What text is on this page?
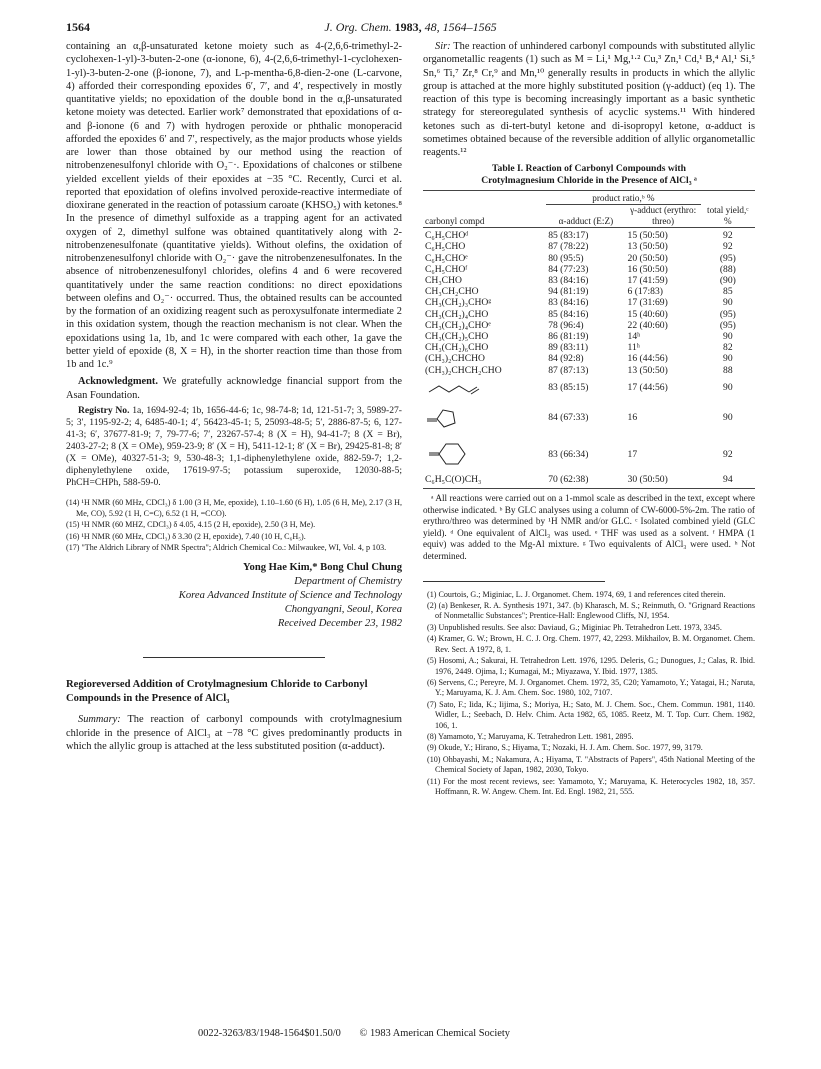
1564	J. Org. Chem. 1983, 48, 1564–1565

containing an α,β-unsaturated ketone moiety such as 4-(2,6,6-trimethyl-2-cyclohexen-1-yl)-3-buten-2-one (α-ionone, 6), 4-(2,6,6-trimethyl-1-cyclohexen-1-yl)-3-buten-2-one (β-ionone, 7), and L-p-mentha-6,8-dien-2-one (L-carvone, 4) afforded their corresponding epoxides 6′, 7′, and 4′, respectively in mostly quantitative yields; no epoxidation of the double bond in the α,β-unsaturated ketone moiety was detected. Earlier work⁷ demonstrated that epoxidations of α- and β-ionone (6 and 7) with hydrogen peroxide or phthalic monoperacid afforded the epoxides 6′ and 7′, respectively, as the major products whose yields are lower than those obtained by our method using the reaction of nitrobenzenesulfonyl chloride with O₂⁻·. Epoxidations of chalcones or stilbene yielded excellent yields of their epoxides at −35 °C. Recently, Curci et al. reported that epoxidation of olefins involved peroxide-reactive intermediate of dioxirane generated in the reaction of potassium caroate (KHSO₅) with ketones.⁸ In the presence of dimethyl sulfoxide as a trapping agent for an activated oxygen of 2, dimethyl sulfone was obtained quantitatively along with 2-nitrobenzenesulfonate (quantitative yields). Without olefins, the oxidation of nitrobenzenesulfonyl chloride with O₂⁻· gave the nitrobenzenesulfonates. In the absence of nitrobenzenesulfonyl chlorides, olefins 4 and 6 were recovered quantitatively under the same reaction conditions: no direct epoxidations between olefins and O₂⁻· occurred. Thus, the obtained results can be accounted by the formation of an oxidizing reagent such as peroxysulfonate intermediate 2 in this oxidation system, though the reaction mechanism is not clear. When the epoxidations using 1a, 1b, and 1c were compared with each other, 1a gave the better yield of epoxide (8, X = H), in the shorter reaction time than those from 1b and 1c.⁹

Acknowledgment. We gratefully acknowledge financial support from the Asan Foundation.

Registry No. 1a, 1694-92-4; 1b, 1656-44-6; 1c, 98-74-8; 1d, 121-51-7; 3, 5989-27-5; 3′, 1195-92-2; 4, 6485-40-1; 4′, 56423-45-1; 5, 25093-48-5; 5′, 2886-87-5; 6, 127-41-3; 6′, 37677-81-9; 7, 79-77-6; 7′, 23267-57-4; 8 (X = H), 94-41-7; 8 (X = Br), 2403-27-2; 8 (X = OMe), 959-23-9; 8′ (X = H), 5411-12-1; 8′ (X = Br), 29425-81-8; 8′ (X = OMe), 40327-51-3; 9, 530-48-3; 1,1-diphenylethylene oxide, 882-59-7; 1,2-diphenylethylene oxide, 17619-97-5; potassium superoxide, 12030-88-5; PhCH=CHPh, 588-59-0.

(14) ¹H NMR (60 MHz, CDCl₃) δ 1.00 (3 H, Me, epoxide), 1.10–1.60 (6 H), 1.05 (6 H, Me), 2.17 (3 H, Me, CO), 5.92 (1 H, C=C), 6.52 (1 H, =CCO).

(15) ¹H NMR (60 MHZ, CDCl₃) δ 4.05, 4.15 (2 H, epoxide), 2.50 (3 H, Me).

(16) ¹H NMR (60 MHz, CDCl₃) δ 3.30 (2 H, epoxide), 7.40 (10 H, C₆H₅).

(17) "The Aldrich Library of NMR Spectra"; Aldrich Chemical Co.: Milwaukee, WI, Vol. 4, p 103.

Yong Hae Kim,* Bong Chul Chung
Department of Chemistry
Korea Advanced Institute of Science and Technology
Chongyangni, Seoul, Korea
Received December 23, 1982
Regioreversed Addition of Crotylmagnesium Chloride to Carbonyl Compounds in the Presence of AlCl₃

Summary: The reaction of carbonyl compounds with crotylmagnesium chloride in the presence of AlCl₃ at −78 °C gives predominantly products in which the allylic group is attached at the less substituted position (α-adduct).

Sir: The reaction of unhindered carbonyl compounds with substituted allylic organometallic reagents (1) such as M = Li,¹ Mg,¹·² Cu,³ Zn,¹ Cd,¹ B,⁴ Al,¹ Si,⁵ Sn,⁶ Ti,⁷ Zr,⁸ Cr,⁹ and Mn,¹⁰ generally results in products in which the allylic group is attached at the more highly substituted position (γ-adduct) (eq 1). The reaction of this type is becoming increasingly important as a basic synthetic strategy for stereoregulated synthesis of acyclic systems.¹¹ With hindered ketones such as di-tert-butyl ketone and di-isopropyl ketone, α-adduct is sometimes obtained because of the reversible addition of allylic organometallic reagents.¹²

Table I. Reaction of Carbonyl Compounds with
Crotylmagnesium Chloride in the Presence of AlCl₃ ᵃ
	product ratio,ᵇ %		
carbonyl compd	α-adduct (E:Z)	γ-adduct (erythro: threo)	total yield,ᶜ %
C₆H₅CHOᵈ	85 (83:17)	15 (50:50)	92
C₆H₅CHO	87 (78:22)	13 (50:50)	92
C₆H₅CHOᵉ	80 (95:5)	20 (50:50)	(95)
C₆H₅CHOᶠ	84 (77:23)	16 (50:50)	(88)
CH₃CHO	83 (84:16)	17 (41:59)	(90)
CH₃CH₂CHO	94 (81:19)	6 (17:83)	85
CH₃(CH₂)₃CHOᵍ	83 (84:16)	17 (31:69)	90
CH₃(CH₂)₄CHO	85 (84:16)	15 (40:60)	(95)
CH₃(CH₂)₄CHOᵉ	78 (96:4)	22 (40:60)	(95)
CH₃(CH₂)₅CHO	86 (81:19)	14ʰ	90
CH₃(CH₂)₆CHO	89 (83:11)	11ʰ	82
(CH₃)₂CHCHO	84 (92:8)	16 (44:56)	90
(CH₃)₂CHCH₂CHO	87 (87:13)	13 (50:50)	88

	83 (85:15)	17 (44:56)	90

	84 (67:33)	16	90

	83 (66:34)	17	92
C₆H₅C(O)CH₃	70 (62:38)	30 (50:50)	94

ᵃ All reactions were carried out on a 1-mmol scale as described in the text, except where otherwise indicated. ᵇ By GLC analyses using a column of CW-6000-5%-2m. The ratio of erythro/threo was determined by ¹H NMR and/or GLC. ᶜ Isolated combined yield (GLC yield). ᵈ One equivalent of AlCl₃ was used. ᵉ THF was used as a solvent. ᶠ HMPA (1 equiv) was added to the Mg-Al mixture. ᵍ Two equivalents of AlCl₃ were used. ʰ Not determined.

(1) Courtois, G.; Miginiac, L. J. Organomet. Chem. 1974, 69, 1 and references cited therein.

(2) (a) Benkeser, R. A. Synthesis 1971, 347. (b) Kharasch, M. S.; Reinmuth, O. "Grignard Reactions of Nonmetallic Substances"; Prentice-Hall: Englewood Cliffs, NJ, 1954.

(3) Unpublished results. See also: Daviaud, G.; Miginiac Ph. Tetrahedron Lett. 1973, 3345.

(4) Kramer, G. W.; Brown, H. C. J. Org. Chem. 1977, 42, 2293. Mikhailov, B. M. Organomet. Chem. Rev. Sect. A 1972, 8, 1.

(5) Hosomi, A.; Sakurai, H. Tetrahedron Lett. 1976, 1295. Deleris, G.; Dunogues, J.; Calas, R. Ibid. 1976, 2449. Ojima, I.; Kumagai, M.; Miyazawa, Y. Ibid. 1977, 1385.

(6) Servens, C.; Pereyre, M. J. Organomet. Chem. 1972, 35, C20; Yamamoto, Y.; Yatagai, H.; Naruta, Y.; Maruyama, K. J. Am. Chem. Soc. 1980, 102, 7107.

(7) Sato, F.; Iida, K.; Iijima, S.; Moriya, H.; Sato, M. J. Chem. Soc., Chem. Commun. 1981, 1140. Widler, L.; Seebach, D. Helv. Chim. Acta 1982, 65, 1085. Reetz, M. T. Top. Curr. Chem. 1982, 106, 1.

(8) Yamamoto, Y.; Maruyama, K. Tetrahedron Lett. 1981, 2895.

(9) Okude, Y.; Hirano, S.; Hiyama, T.; Nozaki, H. J. Am. Chem. Soc. 1977, 99, 3179.

(10) Ohbayashi, M.; Nakamura, A.; Hiyama, T. "Abstracts of Papers", 45th National Meeting of the Chemical Society of Japan, 1982, 2030, Tokyo.

(11) For the most recent reviews, see: Yamamoto, Y.; Maruyama, K. Heterocycles 1982, 18, 357. Hoffmann, R. W. Angew. Chem. Int. Ed. Engl. 1982, 21, 555.

0022-3263/83/1948-1564$01.50/0 © 1983 American Chemical Society
